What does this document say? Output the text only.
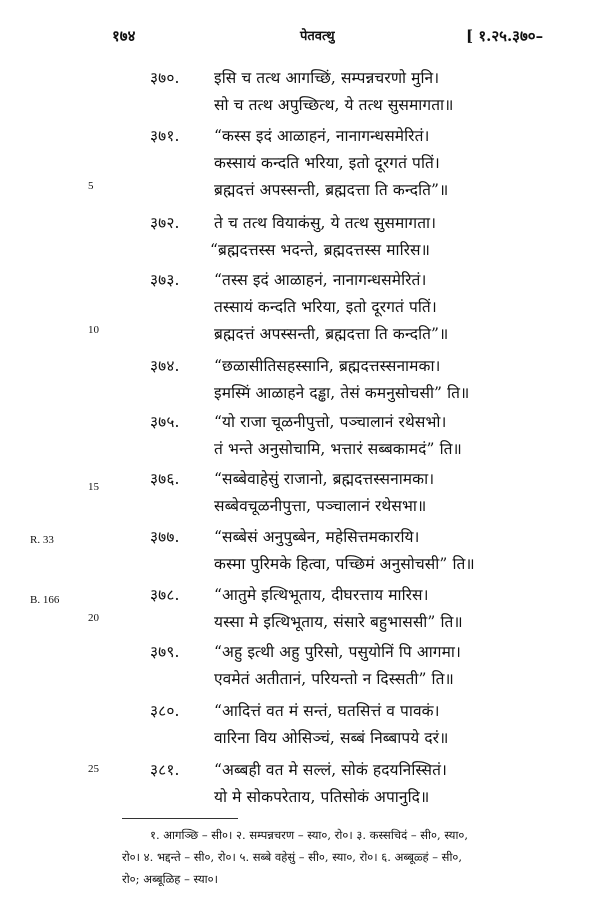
१७४	पेतवत्थु	[ १.२५.३७०–
5
10
15
R. 33
B. 166
20
25
३७०. इसि च तत्थ आगच्छिं, सम्पन्नचरणो मुनि।
सो च तत्थ अपुच्छित्थ, ये तत्थ सुसमागता॥
३७१. “कस्स इदं आळाहनं, नानागन्धसमेरितं।
कस्सायं कन्दति भरिया, इतो दूरगतं पतिं।
ब्रह्मदत्तं अपस्सन्ती, ब्रह्मदत्ता ति कन्दति”॥
३७२. ते च तत्थ वियाकंसु, ये तत्थ सुसमागता।
“ब्रह्मदत्तस्स भदन्ते, ब्रह्मदत्तस्स मारिस॥
३७३. “तस्स इदं आळाहनं, नानागन्धसमेरितं।
तस्सायं कन्दति भरिया, इतो दूरगतं पतिं।
ब्रह्मदत्तं अपस्सन्ती, ब्रह्मदत्ता ति कन्दति”॥
३७४. “छळासीतिसहस्सानि, ब्रह्मदत्तस्सनामका।
इमस्मिं आळाहने दड्ढा, तेसं कमनुसोचसी” ति॥
३७५. “यो राजा चूळनीपुत्तो, पञ्चालानं रथेसभो।
तं भन्ते अनुसोचामि, भत्तारं सब्बकामदं” ति॥
३७६. “सब्बेवाहेसुं राजानो, ब्रह्मदत्तस्सनामका।
सब्बेवचूळनीपुत्ता, पञ्चालानं रथेसभा॥
३७७. “सब्बेसं अनुपुब्बेन, महेसित्तमकारयि।
कस्मा पुरिमके हित्वा, पच्छिमं अनुसोचसी” ति॥
३७८. “आतुमे इत्थिभूताय, दीघरत्ताय मारिस।
यस्सा मे इत्थिभूताय, संसारे बहुभाससी” ति॥
३७९. “अहु इत्थी अहु पुरिसो, पसुयोनिं पि आगमा।
एवमेतं अतीतानं, परियन्तो न दिस्सती” ति॥
३८०. “आदित्तं वत मं सन्तं, घतसित्तं व पावकं।
वारिना विय ओसिञ्चं, सब्बं निब्बापये दरं॥
३८१. “अब्बही वत मे सल्लं, सोकं हदयनिस्सितं।
यो मे सोकपरेताय, पतिसोकं अपानुदि॥
१. आगञ्छि – सी०। २. सम्पन्नचरण – स्या०, रो०। ३. कस्सचिदं – सी०, स्या०,
रो०। ४. भद्दन्ते – सी०, रो०। ५. सब्बे वहेसुं – सी०, स्या०, रो०। ६. अब्बूळ्हं – सी०,
रो०; अब्बूळिह – स्या०।
